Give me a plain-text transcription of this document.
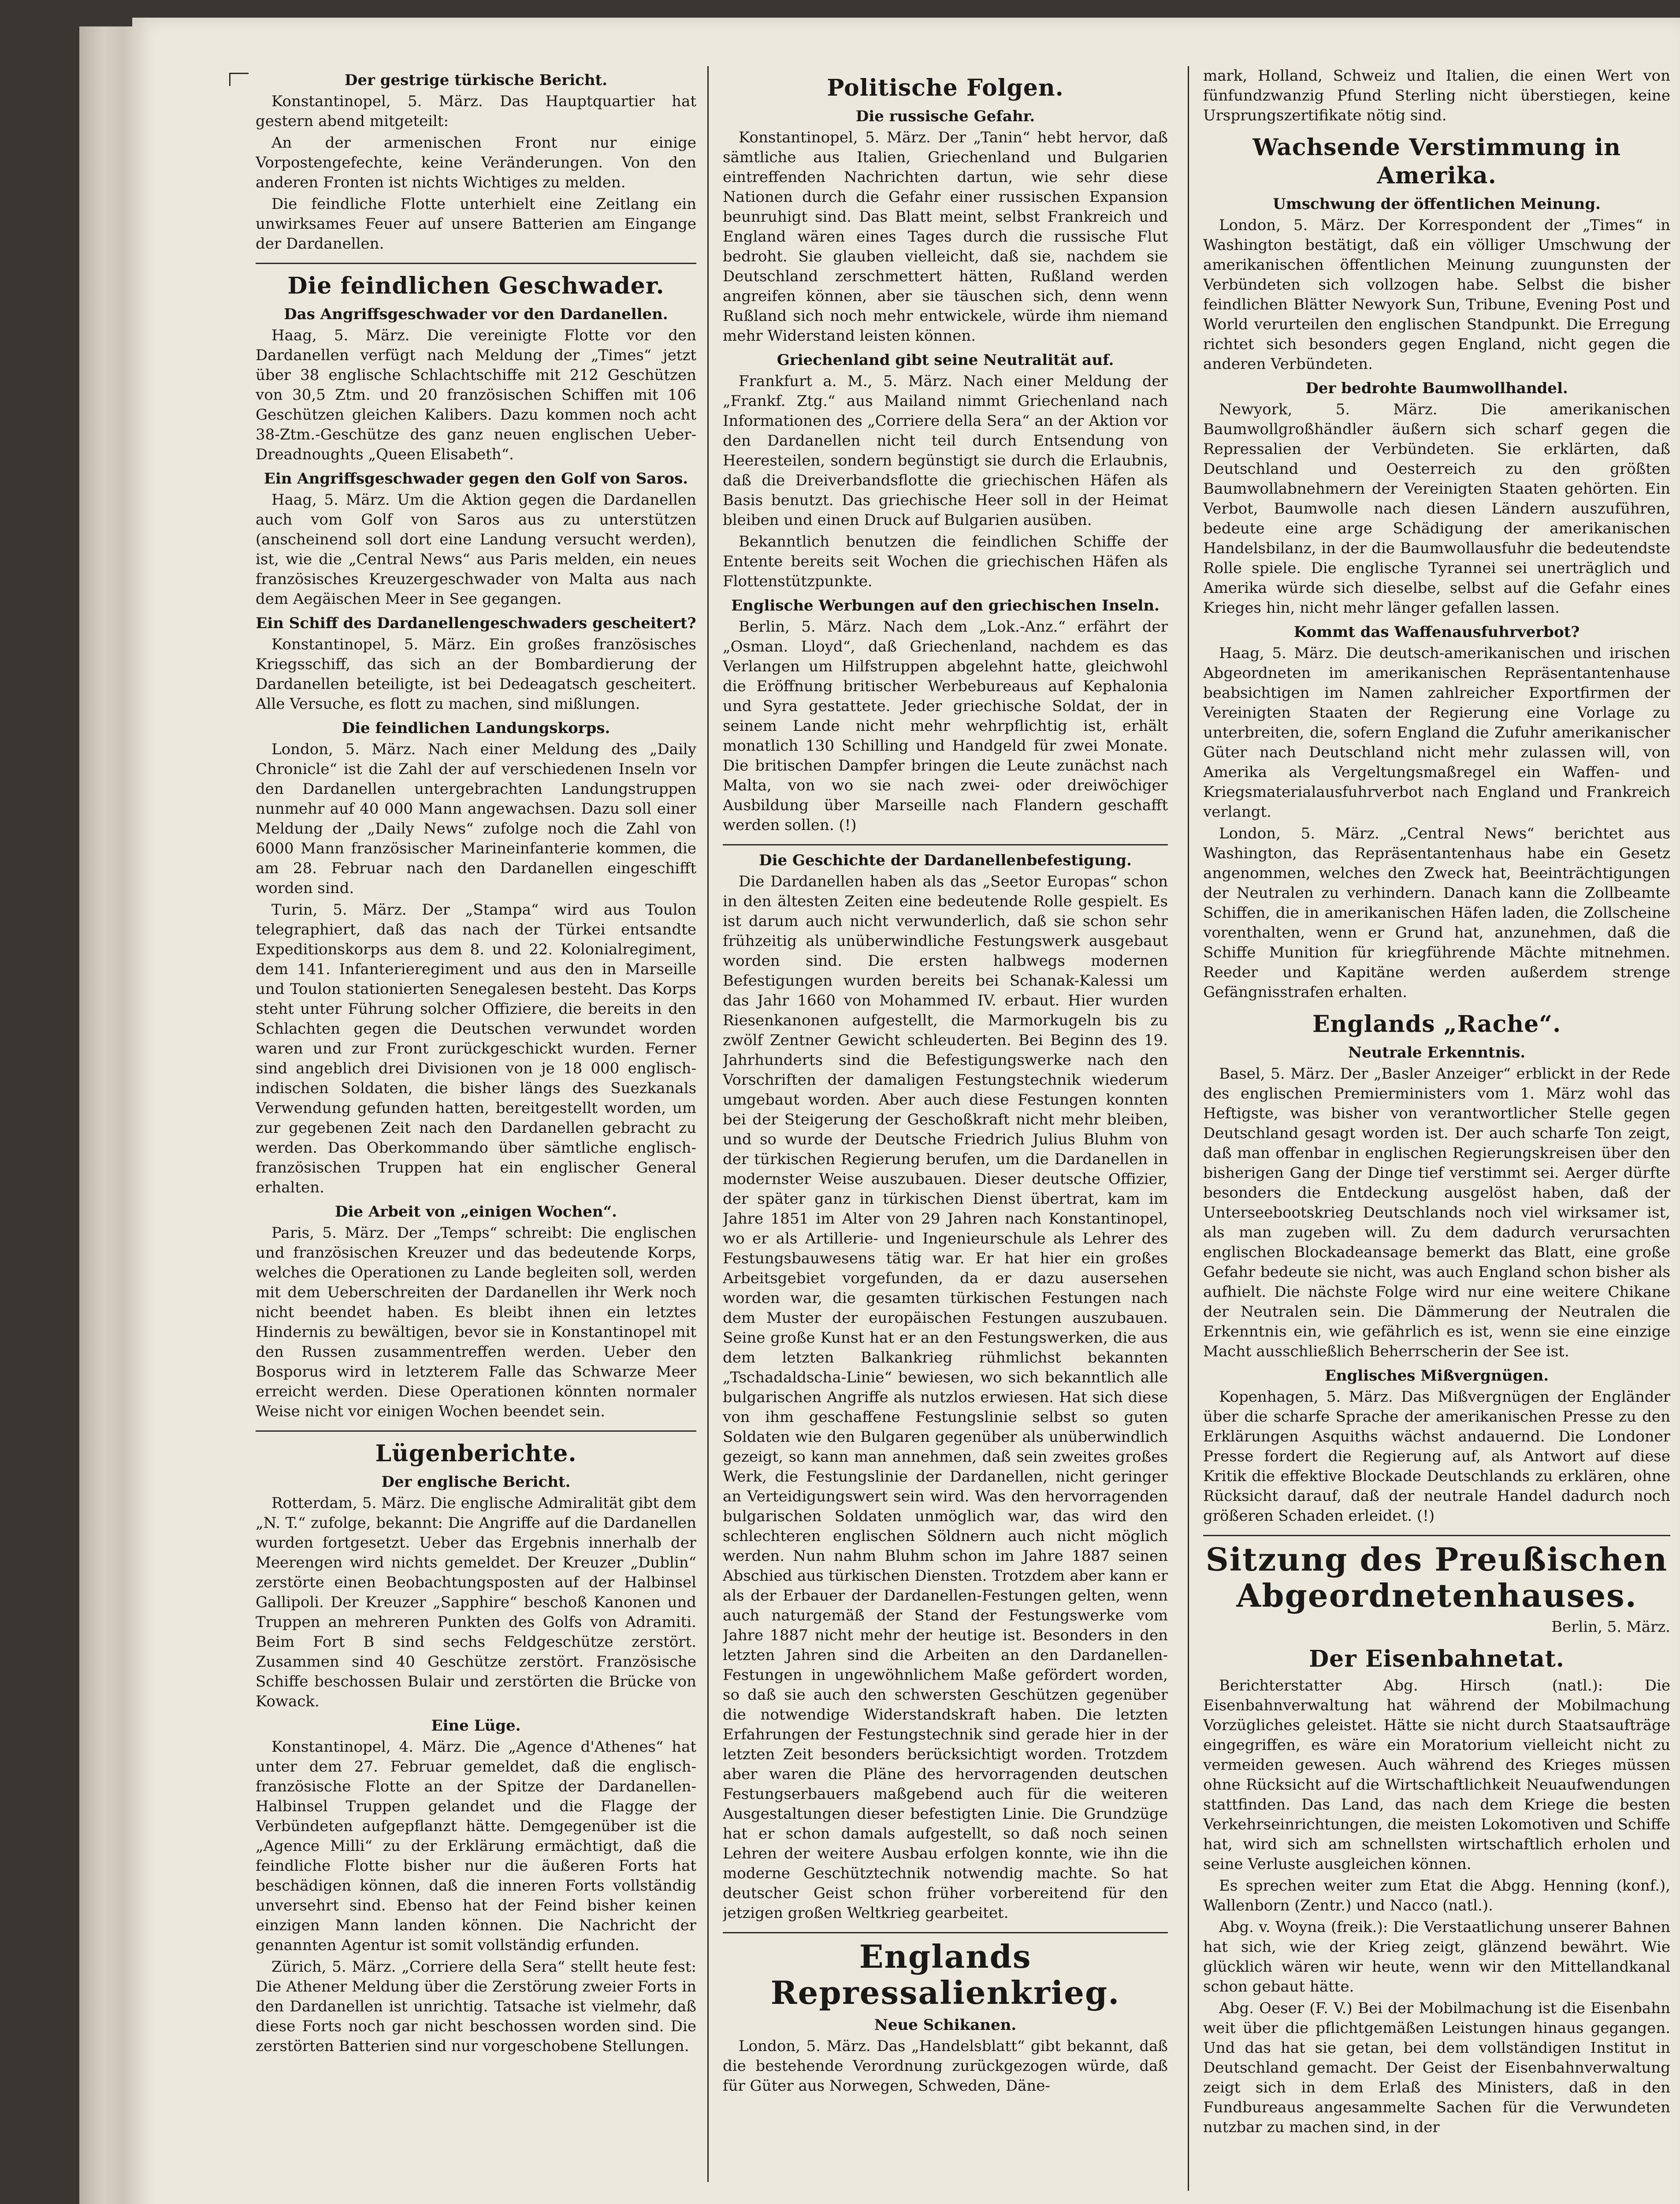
Der gestrige türkische Bericht.

Konstantinopel, 5. März. Das Hauptquartier hat gestern abend mitgeteilt:

An der armenischen Front nur einige Vorpostengefechte, keine Veränderungen. Von den anderen Fronten ist nichts Wichtiges zu melden.

Die feindliche Flotte unterhielt eine Zeitlang ein unwirksames Feuer auf unsere Batterien am Eingange der Dardanellen.

Die feindlichen Geschwader.
Das Angriffsgeschwader vor den Dardanellen.

Haag, 5. März. Die vereinigte Flotte vor den Dardanellen verfügt nach Meldung der „Times“ jetzt über 38 englische Schlachtschiffe mit 212 Geschützen von 30,5 Ztm. und 20 französischen Schiffen mit 106 Geschützen gleichen Kalibers. Dazu kommen noch acht 38-Ztm.-Geschütze des ganz neuen englischen Ueber-Dreadnoughts „Queen Elisabeth“.

Ein Angriffsgeschwader gegen den Golf von Saros.

Haag, 5. März. Um die Aktion gegen die Dardanellen auch vom Golf von Saros aus zu unterstützen (anscheinend soll dort eine Landung versucht werden), ist, wie die „Central News“ aus Paris melden, ein neues französisches Kreuzergeschwader von Malta aus nach dem Aegäischen Meer in See gegangen.

Ein Schiff des Dardanellengeschwaders gescheitert?

Konstantinopel, 5. März. Ein großes französisches Kriegsschiff, das sich an der Bombardierung der Dardanellen beteiligte, ist bei Dedeagatsch gescheitert. Alle Versuche, es flott zu machen, sind mißlungen.

Die feindlichen Landungskorps.

London, 5. März. Nach einer Meldung des „Daily Chronicle“ ist die Zahl der auf verschiedenen Inseln vor den Dardanellen untergebrachten Landungstruppen nunmehr auf 40 000 Mann angewachsen. Dazu soll einer Meldung der „Daily News“ zufolge noch die Zahl von 6000 Mann französischer Marineinfanterie kommen, die am 28. Februar nach den Dardanellen eingeschifft worden sind.

Turin, 5. März. Der „Stampa“ wird aus Toulon telegraphiert, daß das nach der Türkei entsandte Expeditionskorps aus dem 8. und 22. Kolonialregiment, dem 141. Infanterieregiment und aus den in Marseille und Toulon stationierten Senegalesen besteht. Das Korps steht unter Führung solcher Offiziere, die bereits in den Schlachten gegen die Deutschen verwundet worden waren und zur Front zurückgeschickt wurden. Ferner sind angeblich drei Divisionen von je 18 000 englisch-indischen Soldaten, die bisher längs des Suezkanals Verwendung gefunden hatten, bereitgestellt worden, um zur gegebenen Zeit nach den Dardanellen gebracht zu werden. Das Oberkommando über sämtliche englisch-französischen Truppen hat ein englischer General erhalten.

Die Arbeit von „einigen Wochen“.

Paris, 5. März. Der „Temps“ schreibt: Die englischen und französischen Kreuzer und das bedeutende Korps, welches die Operationen zu Lande begleiten soll, werden mit dem Ueberschreiten der Dardanellen ihr Werk noch nicht beendet haben. Es bleibt ihnen ein letztes Hindernis zu bewältigen, bevor sie in Konstantinopel mit den Russen zusammentreffen werden. Ueber den Bosporus wird in letzterem Falle das Schwarze Meer erreicht werden. Diese Operationen könnten normaler Weise nicht vor einigen Wochen beendet sein.

Lügenberichte.
Der englische Bericht.

Rotterdam, 5. März. Die englische Admiralität gibt dem „N. T.“ zufolge, bekannt: Die Angriffe auf die Dardanellen wurden fortgesetzt. Ueber das Ergebnis innerhalb der Meerengen wird nichts gemeldet. Der Kreuzer „Dublin“ zerstörte einen Beobachtungsposten auf der Halbinsel Gallipoli. Der Kreuzer „Sapphire“ beschoß Kanonen und Truppen an mehreren Punkten des Golfs von Adramiti. Beim Fort B sind sechs Feldgeschütze zerstört. Zusammen sind 40 Geschütze zerstört. Französische Schiffe beschossen Bulair und zerstörten die Brücke von Kowack.

Eine Lüge.

Konstantinopel, 4. März. Die „Agence d'Athenes“ hat unter dem 27. Februar gemeldet, daß die englisch-französische Flotte an der Spitze der Dardanellen-Halbinsel Truppen gelandet und die Flagge der Verbündeten aufgepflanzt hätte. Demgegenüber ist die „Agence Milli“ zu der Erklärung ermächtigt, daß die feindliche Flotte bisher nur die äußeren Forts hat beschädigen können, daß die inneren Forts vollständig unversehrt sind. Ebenso hat der Feind bisher keinen einzigen Mann landen können. Die Nachricht der genannten Agentur ist somit vollständig erfunden.

Zürich, 5. März. „Corriere della Sera“ stellt heute fest: Die Athener Meldung über die Zerstörung zweier Forts in den Dardanellen ist unrichtig. Tatsache ist vielmehr, daß diese Forts noch gar nicht beschossen worden sind. Die zerstörten Batterien sind nur vorgeschobene Stellungen.

Politische Folgen.
Die russische Gefahr.

Konstantinopel, 5. März. Der „Tanin“ hebt hervor, daß sämtliche aus Italien, Griechenland und Bulgarien eintreffenden Nachrichten dartun, wie sehr diese Nationen durch die Gefahr einer russischen Expansion beunruhigt sind. Das Blatt meint, selbst Frankreich und England wären eines Tages durch die russische Flut bedroht. Sie glauben vielleicht, daß sie, nachdem sie Deutschland zerschmettert hätten, Rußland werden angreifen können, aber sie täuschen sich, denn wenn Rußland sich noch mehr entwickele, würde ihm niemand mehr Widerstand leisten können.

Griechenland gibt seine Neutralität auf.

Frankfurt a. M., 5. März. Nach einer Meldung der „Frankf. Ztg.“ aus Mailand nimmt Griechenland nach Informationen des „Corriere della Sera“ an der Aktion vor den Dardanellen nicht teil durch Entsendung von Heeresteilen, sondern begünstigt sie durch die Erlaubnis, daß die Dreiverbandsflotte die griechischen Häfen als Basis benutzt. Das griechische Heer soll in der Heimat bleiben und einen Druck auf Bulgarien ausüben.

Bekanntlich benutzen die feindlichen Schiffe der Entente bereits seit Wochen die griechischen Häfen als Flottenstützpunkte.

Englische Werbungen auf den griechischen Inseln.

Berlin, 5. März. Nach dem „Lok.-Anz.“ erfährt der „Osman. Lloyd“, daß Griechenland, nachdem es das Verlangen um Hilfstruppen abgelehnt hatte, gleichwohl die Eröffnung britischer Werbebureaus auf Kephalonia und Syra gestattete. Jeder griechische Soldat, der in seinem Lande nicht mehr wehrpflichtig ist, erhält monatlich 130 Schilling und Handgeld für zwei Monate. Die britischen Dampfer bringen die Leute zunächst nach Malta, von wo sie nach zwei- oder dreiwöchiger Ausbildung über Marseille nach Flandern geschafft werden sollen. (!)

Die Geschichte der Dardanellenbefestigung.

Die Dardanellen haben als das „Seetor Europas“ schon in den ältesten Zeiten eine bedeutende Rolle gespielt. Es ist darum auch nicht verwunderlich, daß sie schon sehr frühzeitig als unüberwindliche Festungswerk ausgebaut worden sind. Die ersten halbwegs modernen Befestigungen wurden bereits bei Schanak-Kalessi um das Jahr 1660 von Mohammed IV. erbaut. Hier wurden Riesenkanonen aufgestellt, die Marmorkugeln bis zu zwölf Zentner Gewicht schleuderten. Bei Beginn des 19. Jahrhunderts sind die Befestigungswerke nach den Vorschriften der damaligen Festungstechnik wiederum umgebaut worden. Aber auch diese Festungen konnten bei der Steigerung der Geschoßkraft nicht mehr bleiben, und so wurde der Deutsche Friedrich Julius Bluhm von der türkischen Regierung berufen, um die Dardanellen in modernster Weise auszubauen. Dieser deutsche Offizier, der später ganz in türkischen Dienst übertrat, kam im Jahre 1851 im Alter von 29 Jahren nach Konstantinopel, wo er als Artillerie- und Ingenieurschule als Lehrer des Festungsbauwesens tätig war. Er hat hier ein großes Arbeitsgebiet vorgefunden, da er dazu ausersehen worden war, die gesamten türkischen Festungen nach dem Muster der europäischen Festungen auszubauen. Seine große Kunst hat er an den Festungswerken, die aus dem letzten Balkankrieg rühmlichst bekannten „Tschadaldscha-Linie“ bewiesen, wo sich bekanntlich alle bulgarischen Angriffe als nutzlos erwiesen. Hat sich diese von ihm geschaffene Festungslinie selbst so guten Soldaten wie den Bulgaren gegenüber als unüberwindlich gezeigt, so kann man annehmen, daß sein zweites großes Werk, die Festungslinie der Dardanellen, nicht geringer an Verteidigungswert sein wird. Was den hervorragenden bulgarischen Soldaten unmöglich war, das wird den schlechteren englischen Söldnern auch nicht möglich werden. Nun nahm Bluhm schon im Jahre 1887 seinen Abschied aus türkischen Diensten. Trotzdem aber kann er als der Erbauer der Dardanellen-Festungen gelten, wenn auch naturgemäß der Stand der Festungswerke vom Jahre 1887 nicht mehr der heutige ist. Besonders in den letzten Jahren sind die Arbeiten an den Dardanellen-Festungen in ungewöhnlichem Maße gefördert worden, so daß sie auch den schwersten Geschützen gegenüber die notwendige Widerstandskraft haben. Die letzten Erfahrungen der Festungstechnik sind gerade hier in der letzten Zeit besonders berücksichtigt worden. Trotzdem aber waren die Pläne des hervorragenden deutschen Festungserbauers maßgebend auch für die weiteren Ausgestaltungen dieser befestigten Linie. Die Grundzüge hat er schon damals aufgestellt, so daß noch seinen Lehren der weitere Ausbau erfolgen konnte, wie ihn die moderne Geschütztechnik notwendig machte. So hat deutscher Geist schon früher vorbereitend für den jetzigen großen Weltkrieg gearbeitet.

Englands Repressalienkrieg.
Neue Schikanen.

London, 5. März. Das „Handelsblatt“ gibt bekannt, daß die bestehende Verordnung zurückgezogen würde, daß für Güter aus Norwegen, Schweden, Däne-

mark, Holland, Schweiz und Italien, die einen Wert von fünfundzwanzig Pfund Sterling nicht überstiegen, keine Ursprungszertifikate nötig sind.

Wachsende Verstimmung in Amerika.
Umschwung der öffentlichen Meinung.

London, 5. März. Der Korrespondent der „Times“ in Washington bestätigt, daß ein völliger Umschwung der amerikanischen öffentlichen Meinung zuungunsten der Verbündeten sich vollzogen habe. Selbst die bisher feindlichen Blätter Newyork Sun, Tribune, Evening Post und World verurteilen den englischen Standpunkt. Die Erregung richtet sich besonders gegen England, nicht gegen die anderen Verbündeten.

Der bedrohte Baumwollhandel.

Newyork, 5. März. Die amerikanischen Baumwollgroßhändler äußern sich scharf gegen die Repressalien der Verbündeten. Sie erklärten, daß Deutschland und Oesterreich zu den größten Baumwollabnehmern der Vereinigten Staaten gehörten. Ein Verbot, Baumwolle nach diesen Ländern auszuführen, bedeute eine arge Schädigung der amerikanischen Handelsbilanz, in der die Baumwollausfuhr die bedeutendste Rolle spiele. Die englische Tyrannei sei unerträglich und Amerika würde sich dieselbe, selbst auf die Gefahr eines Krieges hin, nicht mehr länger gefallen lassen.

Kommt das Waffenausfuhrverbot?

Haag, 5. März. Die deutsch-amerikanischen und irischen Abgeordneten im amerikanischen Repräsentantenhause beabsichtigen im Namen zahlreicher Exportfirmen der Vereinigten Staaten der Regierung eine Vorlage zu unterbreiten, die, sofern England die Zufuhr amerikanischer Güter nach Deutschland nicht mehr zulassen will, von Amerika als Vergeltungsmaßregel ein Waffen- und Kriegsmaterialausfuhrverbot nach England und Frankreich verlangt.

London, 5. März. „Central News“ berichtet aus Washington, das Repräsentantenhaus habe ein Gesetz angenommen, welches den Zweck hat, Beeinträchtigungen der Neutralen zu verhindern. Danach kann die Zollbeamte Schiffen, die in amerikanischen Häfen laden, die Zollscheine vorenthalten, wenn er Grund hat, anzunehmen, daß die Schiffe Munition für kriegführende Mächte mitnehmen. Reeder und Kapitäne werden außerdem strenge Gefängnisstrafen erhalten.

Englands „Rache“.
Neutrale Erkenntnis.

Basel, 5. März. Der „Basler Anzeiger“ erblickt in der Rede des englischen Premierministers vom 1. März wohl das Heftigste, was bisher von verantwortlicher Stelle gegen Deutschland gesagt worden ist. Der auch scharfe Ton zeigt, daß man offenbar in englischen Regierungskreisen über den bisherigen Gang der Dinge tief verstimmt sei. Aerger dürfte besonders die Entdeckung ausgelöst haben, daß der Unterseebootskrieg Deutschlands noch viel wirksamer ist, als man zugeben will. Zu dem dadurch verursachten englischen Blockadeansage bemerkt das Blatt, eine große Gefahr bedeute sie nicht, was auch England schon bisher als aufhielt. Die nächste Folge wird nur eine weitere Chikane der Neutralen sein. Die Dämmerung der Neutralen die Erkenntnis ein, wie gefährlich es ist, wenn sie eine einzige Macht ausschließlich Beherrscherin der See ist.

Englisches Mißvergnügen.

Kopenhagen, 5. März. Das Mißvergnügen der Engländer über die scharfe Sprache der amerikanischen Presse zu den Erklärungen Asquiths wächst andauernd. Die Londoner Presse fordert die Regierung auf, als Antwort auf diese Kritik die effektive Blockade Deutschlands zu erklären, ohne Rücksicht darauf, daß der neutrale Handel dadurch noch größeren Schaden erleidet. (!)

Sitzung des Preußischen Abgeordnetenhauses.
Berlin, 5. März.
Der Eisenbahnetat.

Berichterstatter Abg. Hirsch (natl.): Die Eisenbahnverwaltung hat während der Mobilmachung Vorzügliches geleistet. Hätte sie nicht durch Staatsaufträge eingegriffen, es wäre ein Moratorium vielleicht nicht zu vermeiden gewesen. Auch während des Krieges müssen ohne Rücksicht auf die Wirtschaftlichkeit Neuaufwendungen stattfinden. Das Land, das nach dem Kriege die besten Verkehrseinrichtungen, die meisten Lokomotiven und Schiffe hat, wird sich am schnellsten wirtschaftlich erholen und seine Verluste ausgleichen können.

Es sprechen weiter zum Etat die Abgg. Henning (konf.), Wallenborn (Zentr.) und Nacco (natl.).

Abg. v. Woyna (freik.): Die Verstaatlichung unserer Bahnen hat sich, wie der Krieg zeigt, glänzend bewährt. Wie glücklich wären wir heute, wenn wir den Mittellandkanal schon gebaut hätte.

Abg. Oeser (F. V.) Bei der Mobilmachung ist die Eisenbahn weit über die pflichtgemäßen Leistungen hinaus gegangen. Und das hat sie getan, bei dem vollständigen Institut in Deutschland gemacht. Der Geist der Eisenbahnverwaltung zeigt sich in dem Erlaß des Ministers, daß in den Fundbureaus angesammelte Sachen für die Verwundeten nutzbar zu machen sind, in der
